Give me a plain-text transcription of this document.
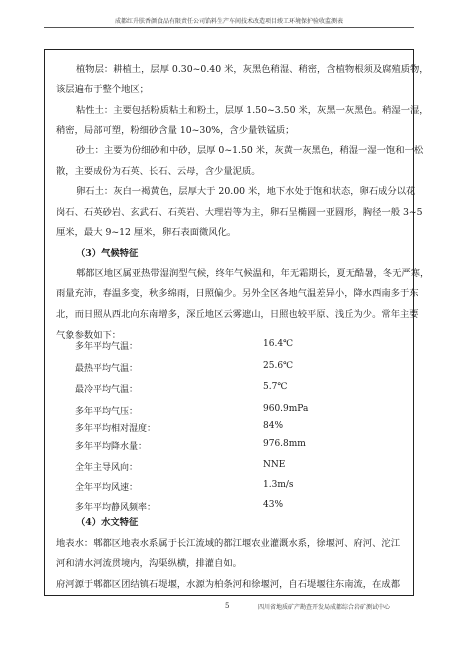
成都红升肤香颜食品有限责任公司馅料生产车间技术改造项目竣工环境保护验收监测表
植物层：耕植土，层厚 0.30~0.40 米，灰黑色稍湿、稍密，含植物根须及腐殖质物，
该层遍布于整个地区；
粘性土：主要包括粉质粘土和粉土，层厚 1.50~3.50 米，灰黑一灰黑色。稍湿一湿，
稍密，局部可塑，粉细砂含量 10~30%，含少量铁锰质；
砂土：主要为份细砂和中砂，层厚 0~1.50 米，灰黄一灰黑色，稍湿一湿一饱和一松
散，主要成份为石英、长石、云母，含少量泥质。
卵石土：灰白一褐黄色，层厚大于 20.00 米，地下水处于饱和状态，卵石成分以花
岗石、石英砂岩、玄武石、石英岩、大理岩等为主，卵石呈椭圆一亚圆形，胸径一般 3~5
厘米，最大 9~12 厘米，卵石表面微风化。
（3）气候特征
郫都区地区属亚热带湿润型气候，终年气候温和，年无霜期长，夏无酷暑，冬无严寒，
雨量充沛，春温多变，秋多绵雨，日照偏少。另外全区各地气温差异小，降水西南多于东
北，而日照从西北向东南增多，深丘地区云雾遮山，日照也较平原、浅丘为少。常年主要
气象参数如下：
多年平均气温：	16.4℃
最热平均气温：	25.6℃
最冷平均气温：	5.7℃
多年平均气压：	960.9mPa
多年平均相对湿度：	84%
多年平均降水量：	976.8mm
全年主导风向：	NNE
全年平均风速：	1.3m/s
多年平均静风频率：	43%
（4）水文特征
地表水：郫都区地表水系属于长江流域的都江堰农业灌溉水系，徐堰河、府河、沱江
河和清水河流贯境内，沟渠纵横，排灌自如。
府河源于郫都区团结镇石堤堰，水源为柏条河和徐堰河，自石堤堰往东南流，在成都
5	四川省地质矿产勘查开发局成都综合岩矿测试中心
